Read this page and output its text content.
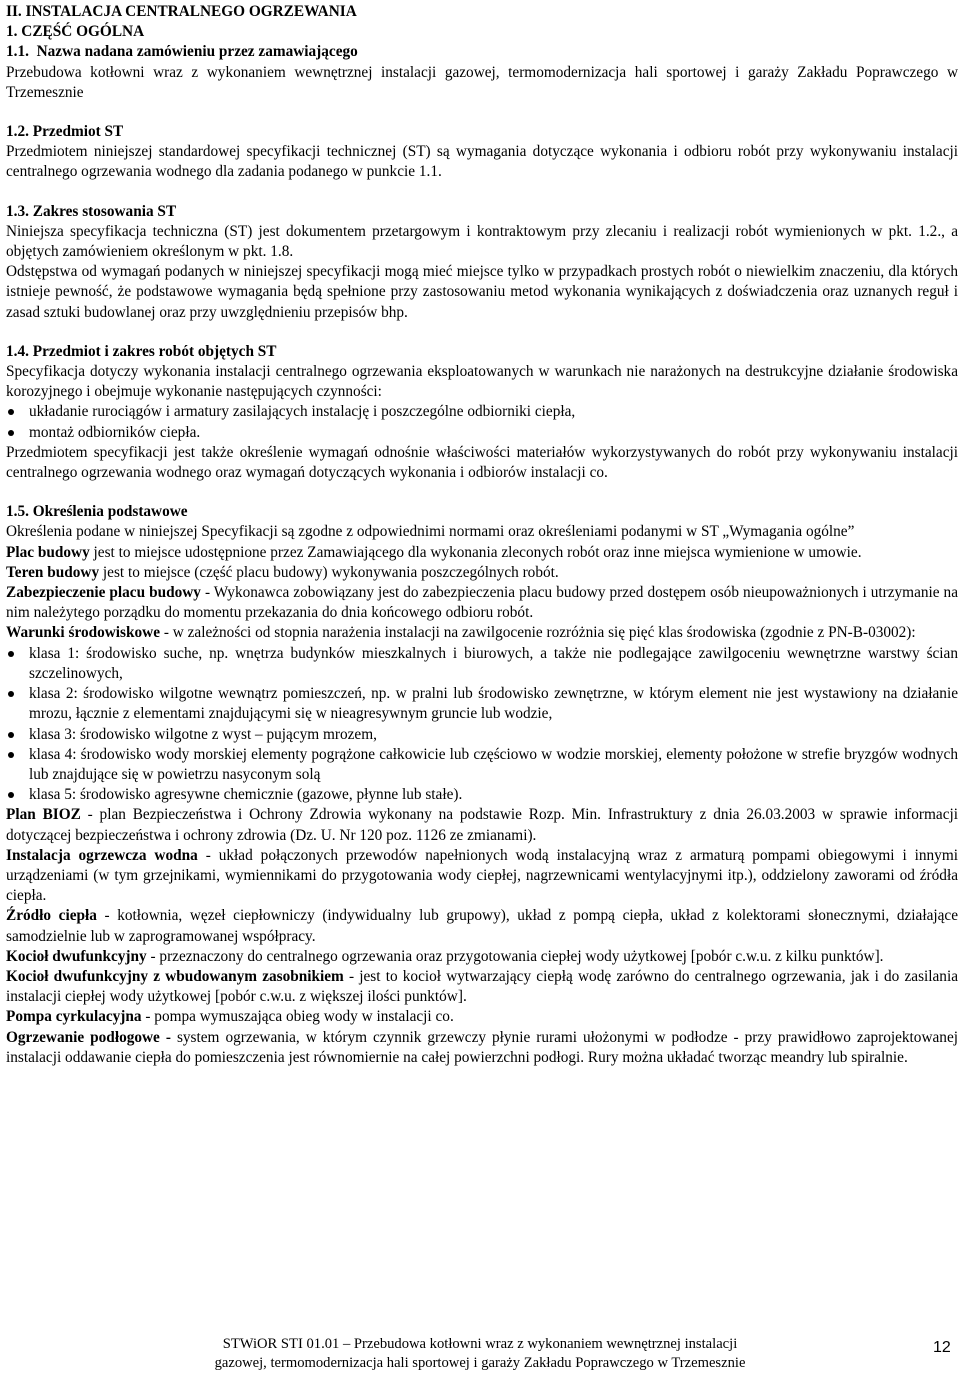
II. INSTALACJA CENTRALNEGO OGRZEWANIA

1. CZĘŚĆ OGÓLNA

1.1. Nazwa nadana zamówieniu przez zamawiającego

Przebudowa kotłowni wraz z wykonaniem wewnętrznej instalacji gazowej, termomodernizacja hali sportowej i garaży Zakładu Poprawczego w Trzemesznie

1.2. Przedmiot ST

Przedmiotem niniejszej standardowej specyfikacji technicznej (ST) są wymagania dotyczące wykonania i odbioru robót przy wykonywaniu instalacji centralnego ogrzewania wodnego dla zadania podanego w punkcie 1.1.

1.3. Zakres stosowania ST

Niniejsza specyfikacja techniczna (ST) jest dokumentem przetargowym i kontraktowym przy zlecaniu i realizacji robót wymienionych w pkt. 1.2., a objętych zamówieniem określonym w pkt. 1.8.

Odstępstwa od wymagań podanych w niniejszej specyfikacji mogą mieć miejsce tylko w przypadkach prostych robót o niewielkim znaczeniu, dla których istnieje pewność, że podstawowe wymagania będą spełnione przy zastosowaniu metod wykonania wynikających z doświadczenia oraz uznanych reguł i zasad sztuki budowlanej oraz przy uwzględnieniu przepisów bhp.

1.4. Przedmiot i zakres robót objętych ST

Specyfikacja dotyczy wykonania instalacji centralnego ogrzewania eksploatowanych w warunkach nie narażonych na destrukcyjne działanie środowiska korozyjnego i obejmuje wykonanie następujących czynności:

układanie rurociągów i armatury zasilających instalację i poszczególne odbiorniki ciepła,
montaż odbiorników ciepła.

Przedmiotem specyfikacji jest także określenie wymagań odnośnie właściwości materiałów wykorzystywanych do robót przy wykonywaniu instalacji centralnego ogrzewania wodnego oraz wymagań dotyczących wykonania i odbiorów instalacji co.

1.5. Określenia podstawowe

Określenia podane w niniejszej Specyfikacji są zgodne z odpowiednimi normami oraz określeniami podanymi w ST „Wymagania ogólne”

Plac budowy jest to miejsce udostępnione przez Zamawiającego dla wykonania zleconych robót oraz inne miejsca wymienione w umowie.

Teren budowy jest to miejsce (część placu budowy) wykonywania poszczególnych robót.

Zabezpieczenie placu budowy - Wykonawca zobowiązany jest do zabezpieczenia placu budowy przed dostępem osób nieupoważnionych i utrzymanie na nim należytego porządku do momentu przekazania do dnia końcowego odbioru robót.

Warunki środowiskowe - w zależności od stopnia narażenia instalacji na zawilgocenie rozróżnia się pięć klas środowiska (zgodnie z PN-B-03002):

klasa 1: środowisko suche, np. wnętrza budynków mieszkalnych i biurowych, a także nie podlegające zawilgoceniu wewnętrzne warstwy ścian szczelinowych,
klasa 2: środowisko wilgotne wewnątrz pomieszczeń, np. w pralni lub środowisko zewnętrzne, w którym element nie jest wystawiony na działanie mrozu, łącznie z elementami znajdującymi się w nieagresywnym gruncie lub wodzie,
klasa 3: środowisko wilgotne z wyst – pującym mrozem,
klasa 4: środowisko wody morskiej elementy pogrążone całkowicie lub częściowo w wodzie morskiej, elementy położone w strefie bryzgów wodnych lub znajdujące się w powietrzu nasyconym solą
klasa 5: środowisko agresywne chemicznie (gazowe, płynne lub stałe).

Plan BIOZ - plan Bezpieczeństwa i Ochrony Zdrowia wykonany na podstawie Rozp. Min. Infrastruktury z dnia 26.03.2003 w sprawie informacji dotyczącej bezpieczeństwa i ochrony zdrowia (Dz. U. Nr 120 poz. 1126 ze zmianami).

Instalacja ogrzewcza wodna - układ połączonych przewodów napełnionych wodą instalacyjną wraz z armaturą pompami obiegowymi i innymi urządzeniami (w tym grzejnikami, wymiennikami do przygotowania wody ciepłej, nagrzewnicami wentylacyjnymi itp.), oddzielony zaworami od źródła ciepła.

Źródło ciepła - kotłownia, węzeł ciepłowniczy (indywidualny lub grupowy), układ z pompą ciepła, układ z kolektorami słonecznymi, działające samodzielnie lub w zaprogramowanej współpracy.

Kocioł dwufunkcyjny - przeznaczony do centralnego ogrzewania oraz przygotowania ciepłej wody użytkowej [pobór c.w.u. z kilku punktów].

Kocioł dwufunkcyjny z wbudowanym zasobnikiem - jest to kocioł wytwarzający ciepłą wodę zarówno do centralnego ogrzewania, jak i do zasilania instalacji ciepłej wody użytkowej [pobór c.w.u. z większej ilości punktów].

Pompa cyrkulacyjna - pompa wymuszająca obieg wody w instalacji co.

Ogrzewanie podłogowe - system ogrzewania, w którym czynnik grzewczy płynie rurami ułożonymi w podłodze - przy prawidłowo zaprojektowanej instalacji oddawanie ciepła do pomieszczenia jest równomiernie na całej powierzchni podłogi. Rury można układać tworząc meandry lub spiralnie.

STWiOR STI 01.01 – Przebudowa kotłowni wraz z wykonaniem wewnętrznej instalacji
gazowej, termomodernizacja hali sportowej i garaży Zakładu Poprawczego w Trzemesznie
12
